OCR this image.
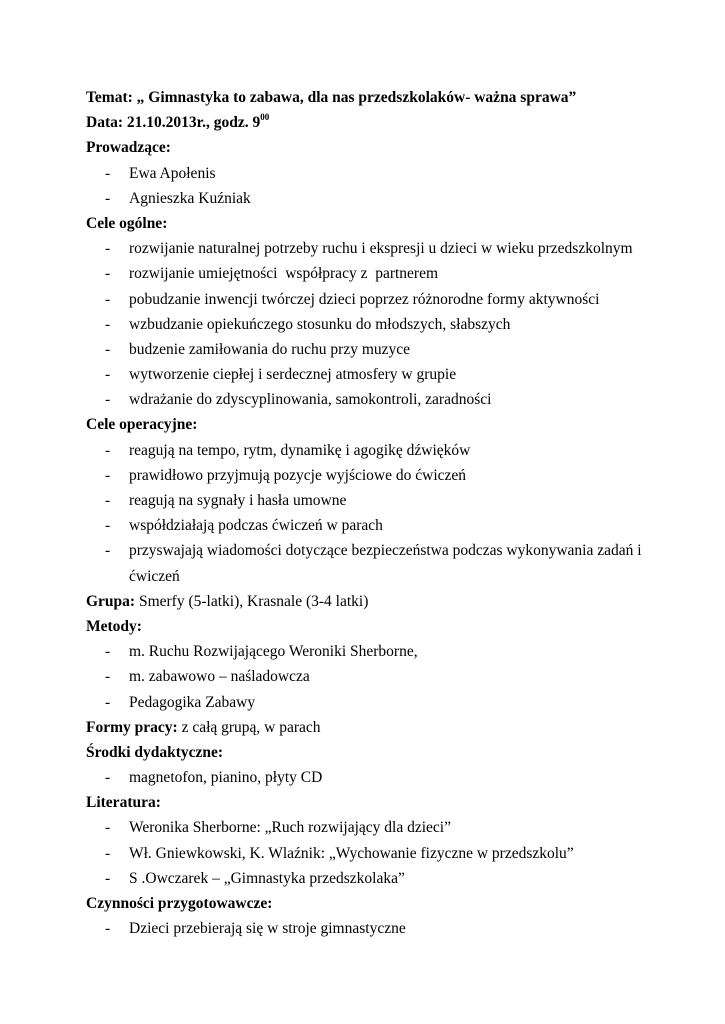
Temat: „ Gimnastyka to zabawa, dla nas przedszkolaków- ważna sprawa”
Data: 21.10.2013r., godz. $9^{00}$
Prowadzące:
- Ewa Apołenis
- Agnieszka Kuźniak
Cele ogólne:
- rozwijanie naturalnej potrzeby ruchu i ekspresji u dzieci w wieku przedszkolnym
- rozwijanie umiejętności  współpracy z  partnerem
- pobudzanie inwencji twórczej dzieci poprzez różnorodne formy aktywności
- wzbudzanie opiekuńczego stosunku do młodszych, słabszych
- budzenie zamiłowania do ruchu przy muzyce
- wytworzenie ciepłej i serdecznej atmosfery w grupie
- wdrażanie do zdyscyplinowania, samokontroli, zaradności
Cele operacyjne:
- reagują na tempo, rytm, dynamikę i agogikę dźwięków
- prawidłowo przyjmują pozycje wyjściowe do ćwiczeń
- reagują na sygnały i hasła umowne
- współdziałają podczas ćwiczeń w parach
- przyswajają wiadomości dotyczące bezpieczeństwa podczas wykonywania zadań i
ćwiczeń
Grupa: Smerfy (5-latki), Krasnale (3-4 latki)
Metody:
- m. Ruchu Rozwijającego Weroniki Sherborne,
- m. zabawowo – naśladowcza
- Pedagogika Zabawy
Formy pracy: z całą grupą, w parach
Środki dydaktyczne:
- magnetofon, pianino, płyty CD
Literatura:
- Weronika Sherborne: „Ruch rozwijający dla dzieci”
- Wł. Gniewkowski, K. Wlaźnik: „Wychowanie fizyczne w przedszkolu”
- S .Owczarek – „Gimnastyka przedszkolaka”
Czynności przygotowawcze:
- Dzieci przebierają się w stroje gimnastyczne
